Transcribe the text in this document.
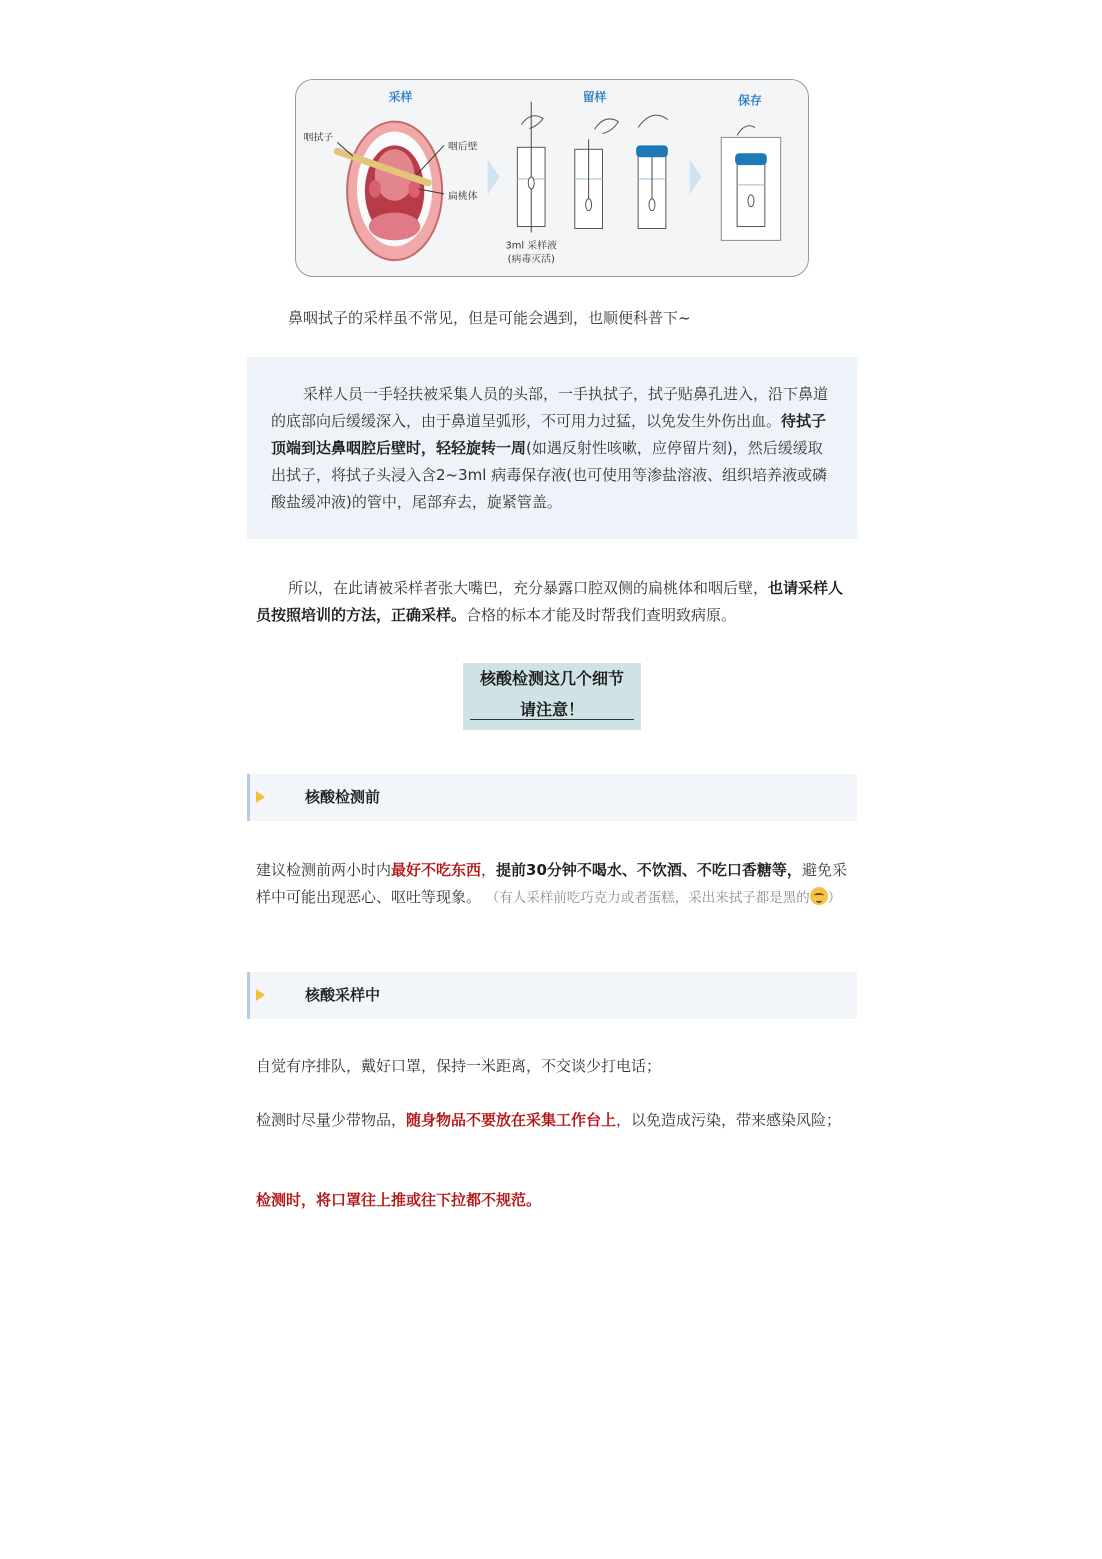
采样	留样	保存
咽拭子
咽后壁
扁桃体
3ml 采样液
(病毒灭活)
鼻咽拭子的采样虽不常见，但是可能会遇到，也顺便科普下~

采样人员一手轻扶被采集人员的头部，一手执拭子，拭子贴鼻孔进入，沿下鼻道的底部向后缓缓深入，由于鼻道呈弧形，不可用力过猛，以免发生外伤出血。待拭子顶端到达鼻咽腔后壁时，轻轻旋转一周(如遇反射性咳嗽，应停留片刻)，然后缓缓取出拭子，将拭子头浸入含2~3ml 病毒保存液(也可使用等渗盐溶液、组织培养液或磷酸盐缓冲液)的管中，尾部弃去，旋紧管盖。

所以，在此请被采样者张大嘴巴，充分暴露口腔双侧的扁桃体和咽后壁，也请采样人员按照培训的方法，正确采样。合格的标本才能及时帮我们查明致病原。

核酸检测这几个细节
请注意！
核酸检测前

建议检测前两小时内最好不吃东西，提前30分钟不喝水、不饮酒、不吃口香糖等，避免采样中可能出现恶心、呕吐等现象。 （有人采样前吃巧克力或者蛋糕，采出来拭子都是黑的 ）

核酸采样中

自觉有序排队，戴好口罩，保持一米距离，不交谈少打电话；

检测时尽量少带物品，随身物品不要放在采集工作台上，以免造成污染，带来感染风险；

检测时，将口罩往上推或往下拉都不规范。
